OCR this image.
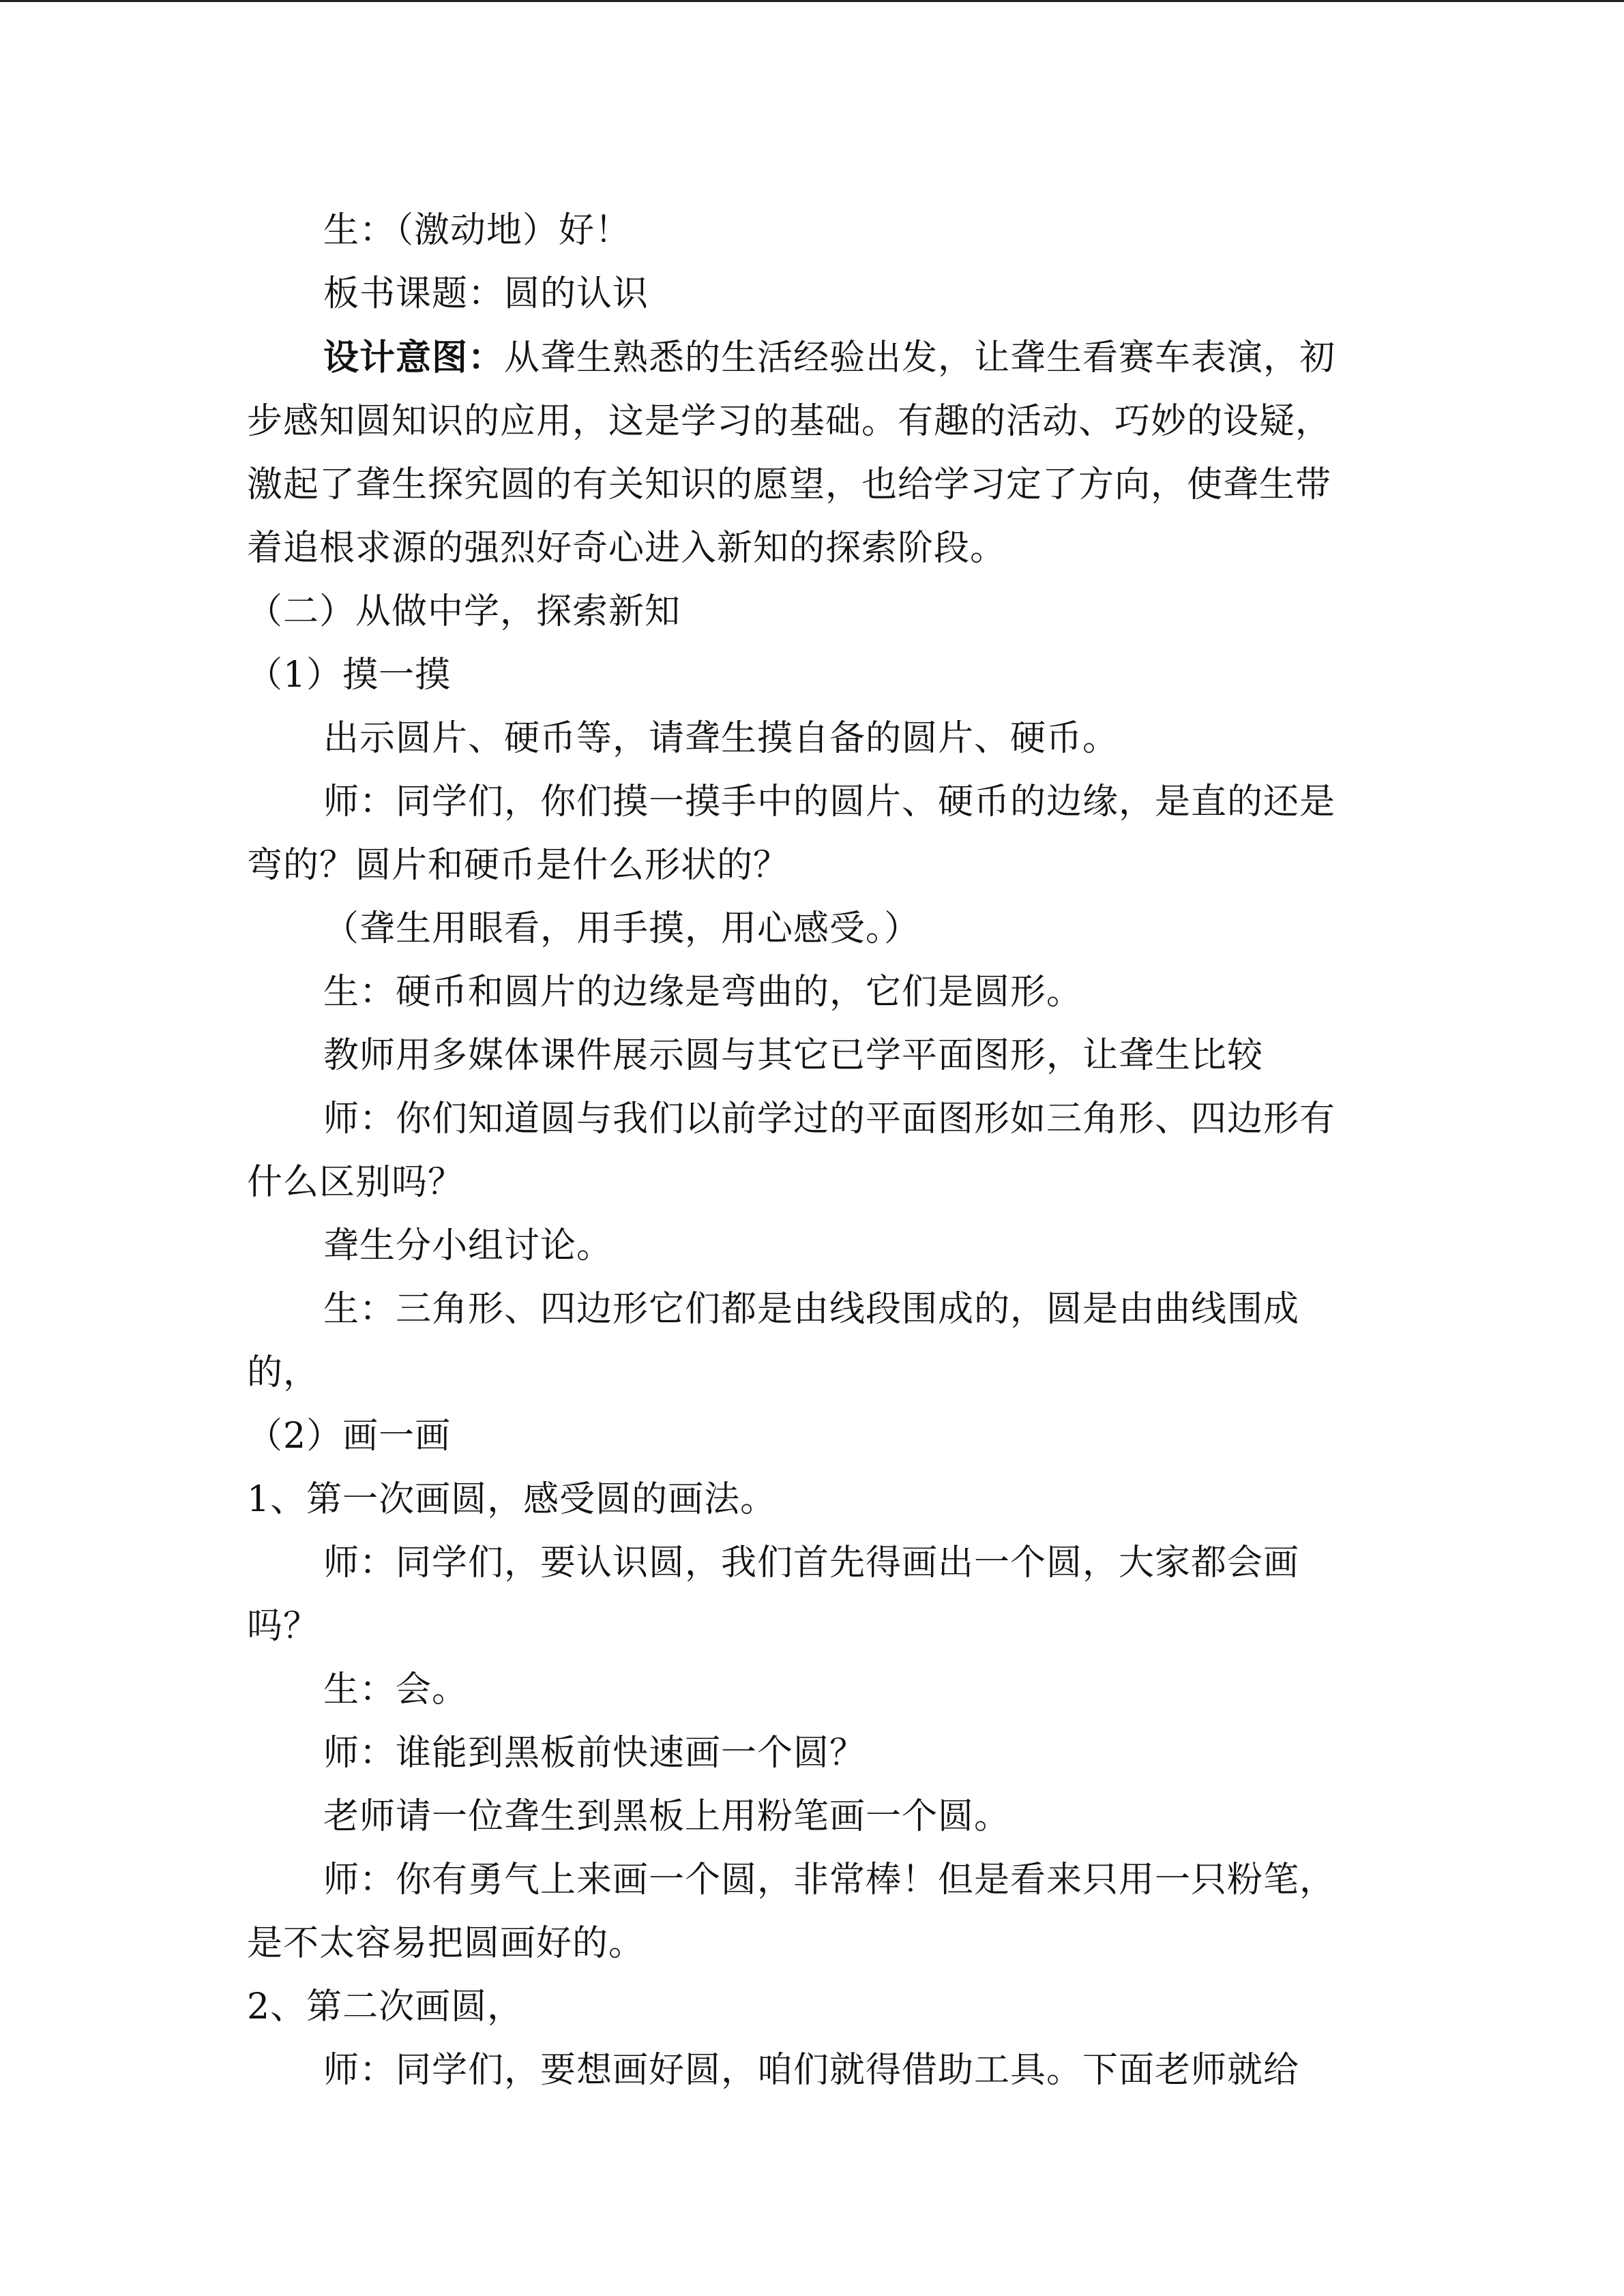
生：（激动地）好！

板书课题：圆的认识

设计意图：从聋生熟悉的生活经验出发，让聋生看赛车表演，初步感知圆知识的应用，这是学习的基础。有趣的活动、巧妙的设疑，激起了聋生探究圆的有关知识的愿望，也给学习定了方向，使聋生带着追根求源的强烈好奇心进入新知的探索阶段。

（二）从做中学，探索新知

（1）摸一摸

出示圆片、硬币等，请聋生摸自备的圆片、硬币。

师：同学们，你们摸一摸手中的圆片、硬币的边缘，是直的还是弯的？圆片和硬币是什么形状的？

（聋生用眼看，用手摸，用心感受。）

生：硬币和圆片的边缘是弯曲的，它们是圆形。

教师用多媒体课件展示圆与其它已学平面图形，让聋生比较

师：你们知道圆与我们以前学过的平面图形如三角形、四边形有什么区别吗？

聋生分小组讨论。

生：三角形、四边形它们都是由线段围成的，圆是由曲线围成的，

（2）画一画

1、第一次画圆，感受圆的画法。

师：同学们，要认识圆，我们首先得画出一个圆，大家都会画吗？

生：会。

师：谁能到黑板前快速画一个圆？

老师请一位聋生到黑板上用粉笔画一个圆。

师：你有勇气上来画一个圆，非常棒！但是看来只用一只粉笔，是不太容易把圆画好的。

2、第二次画圆，

师：同学们，要想画好圆，咱们就得借助工具。下面老师就给
